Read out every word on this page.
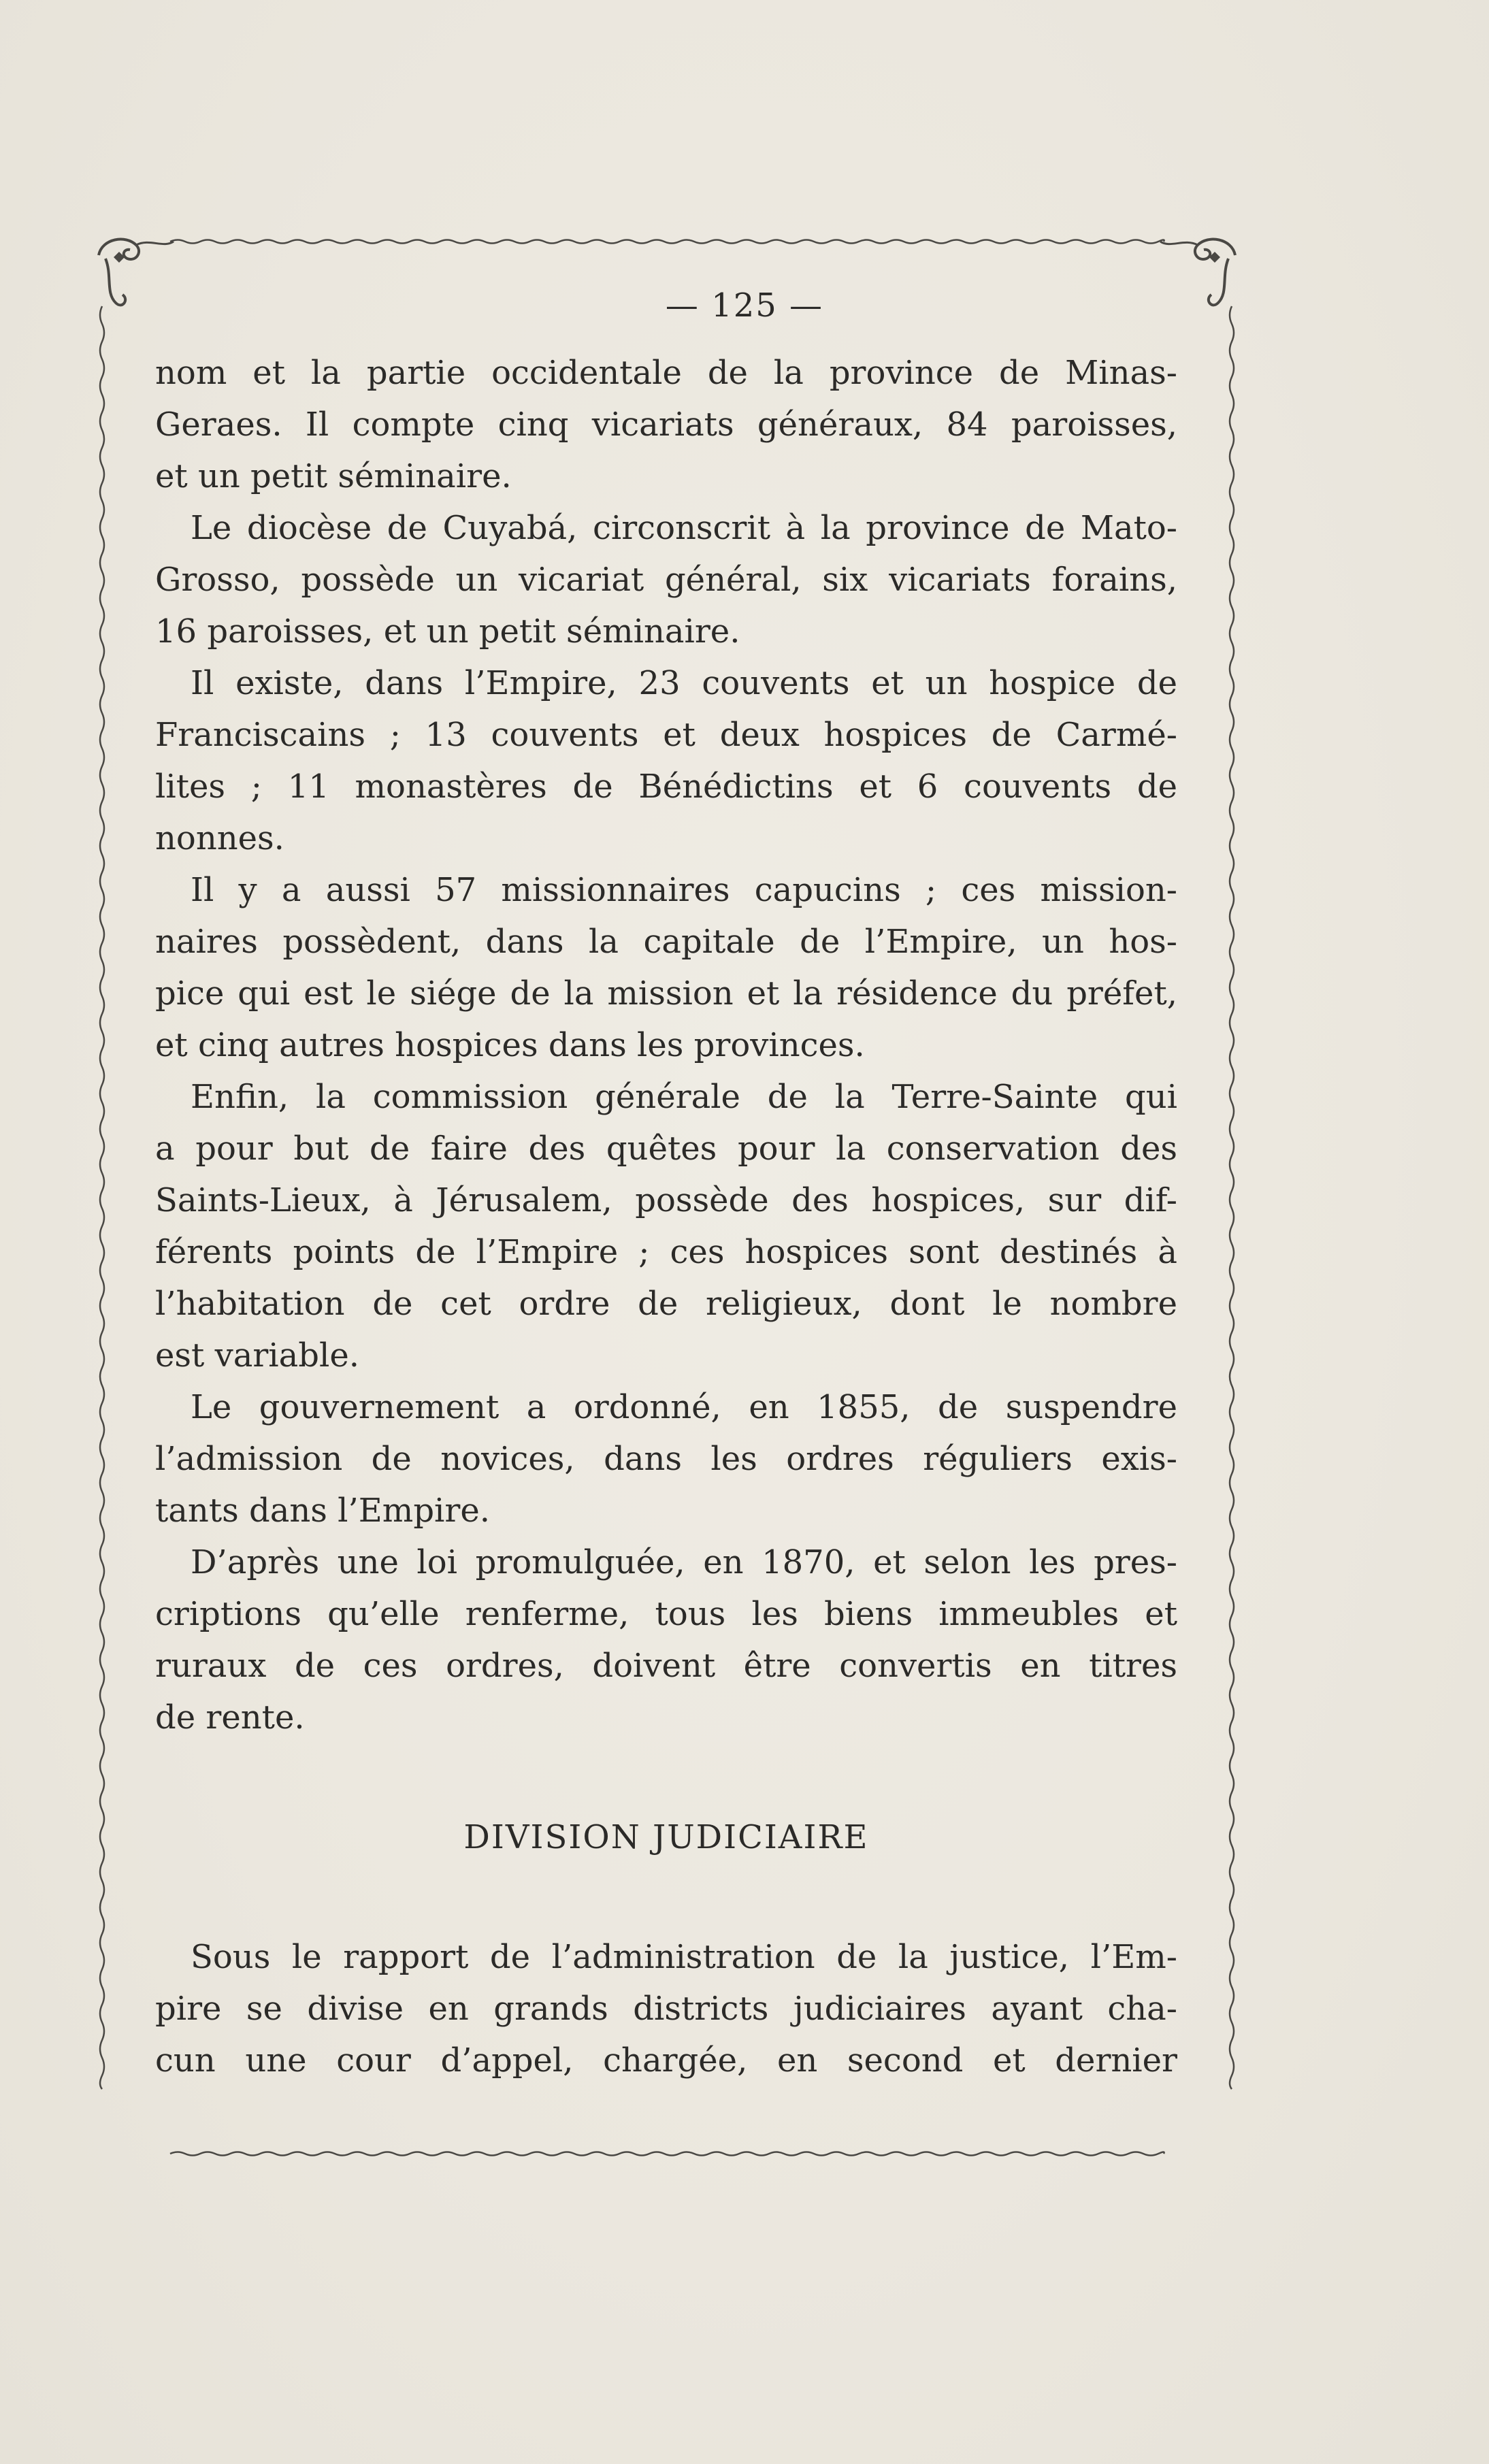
— 125 —
nom et la partie occidentale de la province de Minas-
Geraes. Il compte cinq vicariats généraux, 84 paroisses,
et un petit séminaire.
Le diocèse de Cuyabá, circonscrit à la province de Mato-
Grosso, possède un vicariat général, six vicariats forains,
16 paroisses, et un petit séminaire.
Il existe, dans l’Empire, 23 couvents et un hospice de
Franciscains ; 13 couvents et deux hospices de Carmé-
lites ; 11 monastères de Bénédictins et 6 couvents de
nonnes.
Il y a aussi 57 missionnaires capucins ; ces mission-
naires possèdent, dans la capitale de l’Empire, un hos-
pice qui est le siége de la mission et la résidence du préfet,
et cinq autres hospices dans les provinces.
Enfin, la commission générale de la Terre-Sainte qui
a pour but de faire des quêtes pour la conservation des
Saints-Lieux, à Jérusalem, possède des hospices, sur dif-
férents points de l’Empire ; ces hospices sont destinés à
l’habitation de cet ordre de religieux, dont le nombre
est variable.
Le gouvernement a ordonné, en 1855, de suspendre
l’admission de novices, dans les ordres réguliers exis-
tants dans l’Empire.
D’après une loi promulguée, en 1870, et selon les pres-
criptions qu’elle renferme, tous les biens immeubles et
ruraux de ces ordres, doivent être convertis en titres
de rente.
DIVISION JUDICIAIRE
Sous le rapport de l’administration de la justice, l’Em-
pire se divise en grands districts judiciaires ayant cha-
cun une cour d’appel, chargée, en second et dernier
